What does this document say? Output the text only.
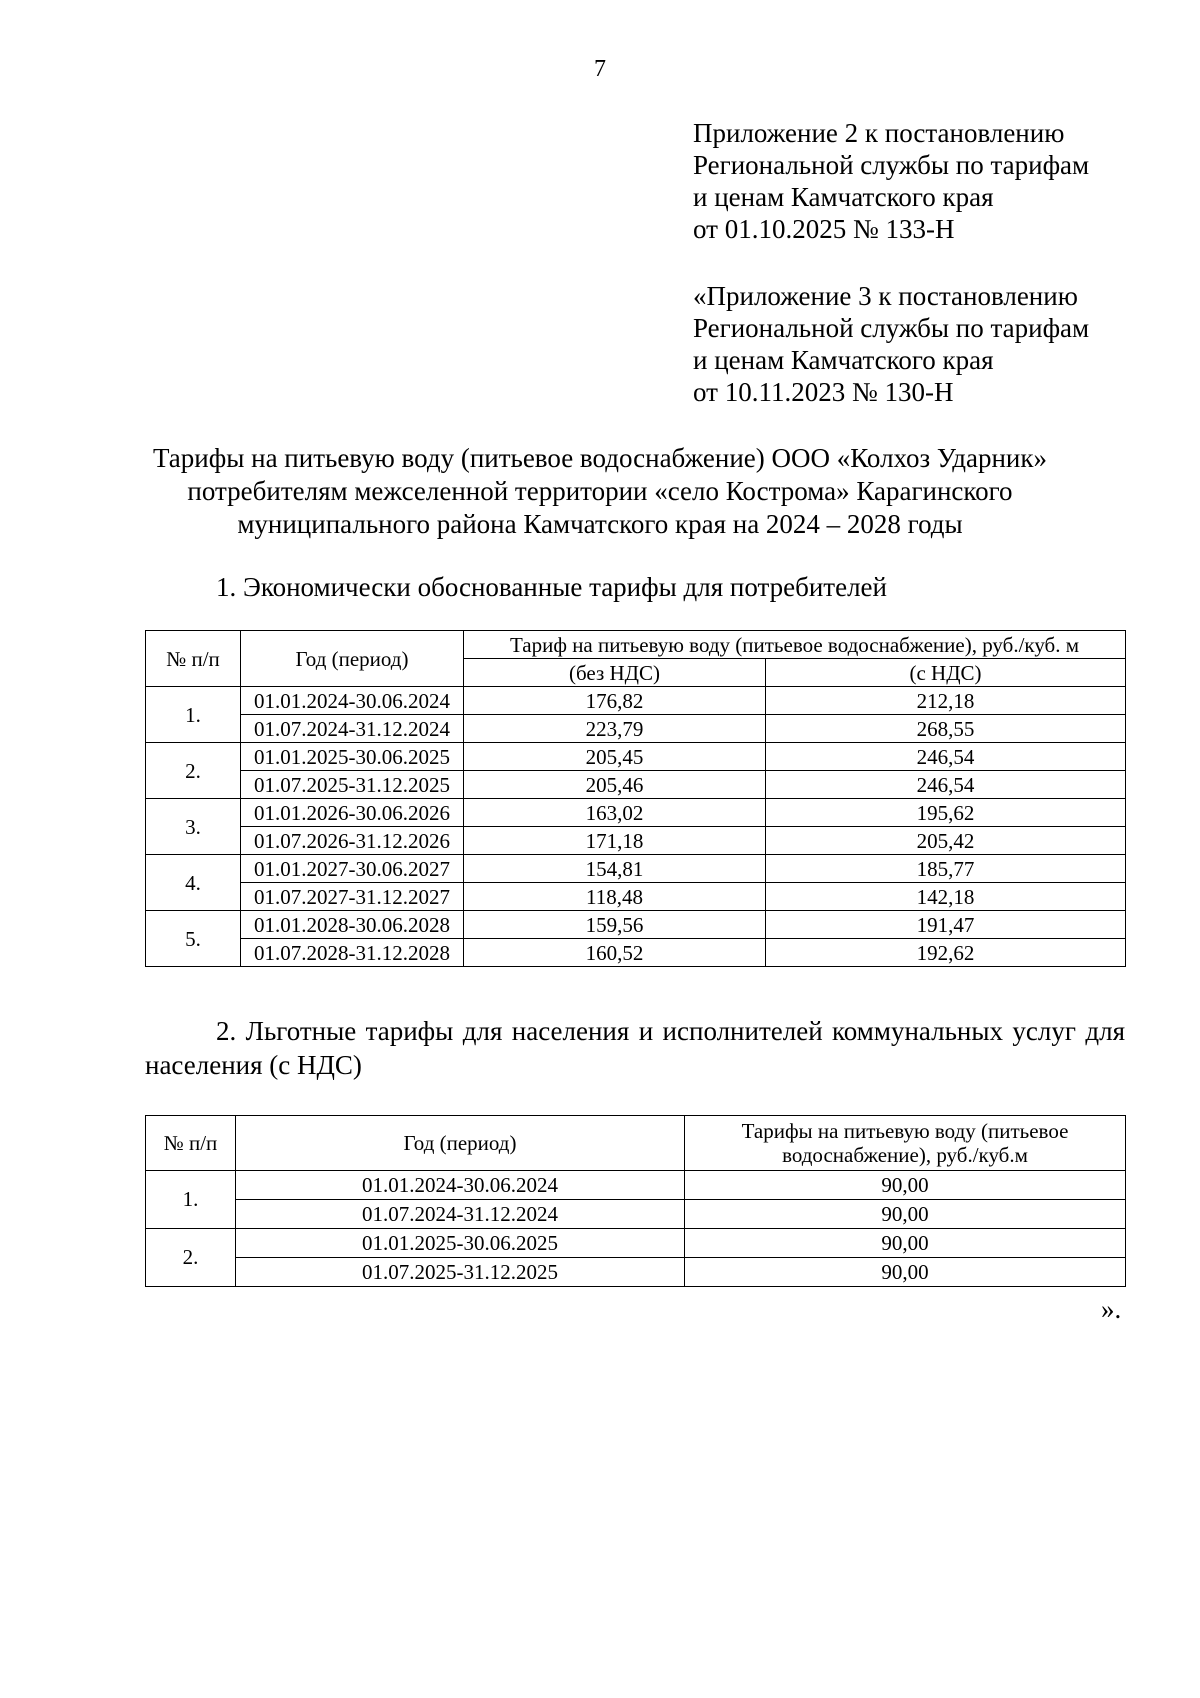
7
Приложение 2 к постановлению
Региональной службы по тарифам
и ценам Камчатского края
от 01.10.2025 № 133-Н
«Приложение 3 к постановлению
Региональной службы по тарифам
и ценам Камчатского края
от 10.11.2023 № 130-Н
Тарифы на питьевую воду (питьевое водоснабжение) ООО «Колхоз Ударник»
потребителям межселенной территории «село Кострома» Карагинского
муниципального района Камчатского края на 2024 – 2028 годы
1. Экономически обоснованные тарифы для потребителей
№ п/п	Год (период)	Тариф на питьевую воду (питьевое водоснабжение), руб./куб. м	
		(без НДС)	(с НДС)
1.	01.01.2024-30.06.2024	176,82	212,18
	01.07.2024-31.12.2024	223,79	268,55
2.	01.01.2025-30.06.2025	205,45	246,54
	01.07.2025-31.12.2025	205,46	246,54
3.	01.01.2026-30.06.2026	163,02	195,62
	01.07.2026-31.12.2026	171,18	205,42
4.	01.01.2027-30.06.2027	154,81	185,77
	01.07.2027-31.12.2027	118,48	142,18
5.	01.01.2028-30.06.2028	159,56	191,47
	01.07.2028-31.12.2028	160,52	192,62
2. Льготные тарифы для населения и исполнителей коммунальных услуг для населения (с НДС)
№ п/п	Год (период)	Тарифы на питьевую воду (питьевое
водоснабжение), руб./куб.м

1.	01.01.2024-30.06.2024	90,00
	01.07.2024-31.12.2024	90,00
2.	01.01.2025-30.06.2025	90,00
	01.07.2025-31.12.2025	90,00
».
